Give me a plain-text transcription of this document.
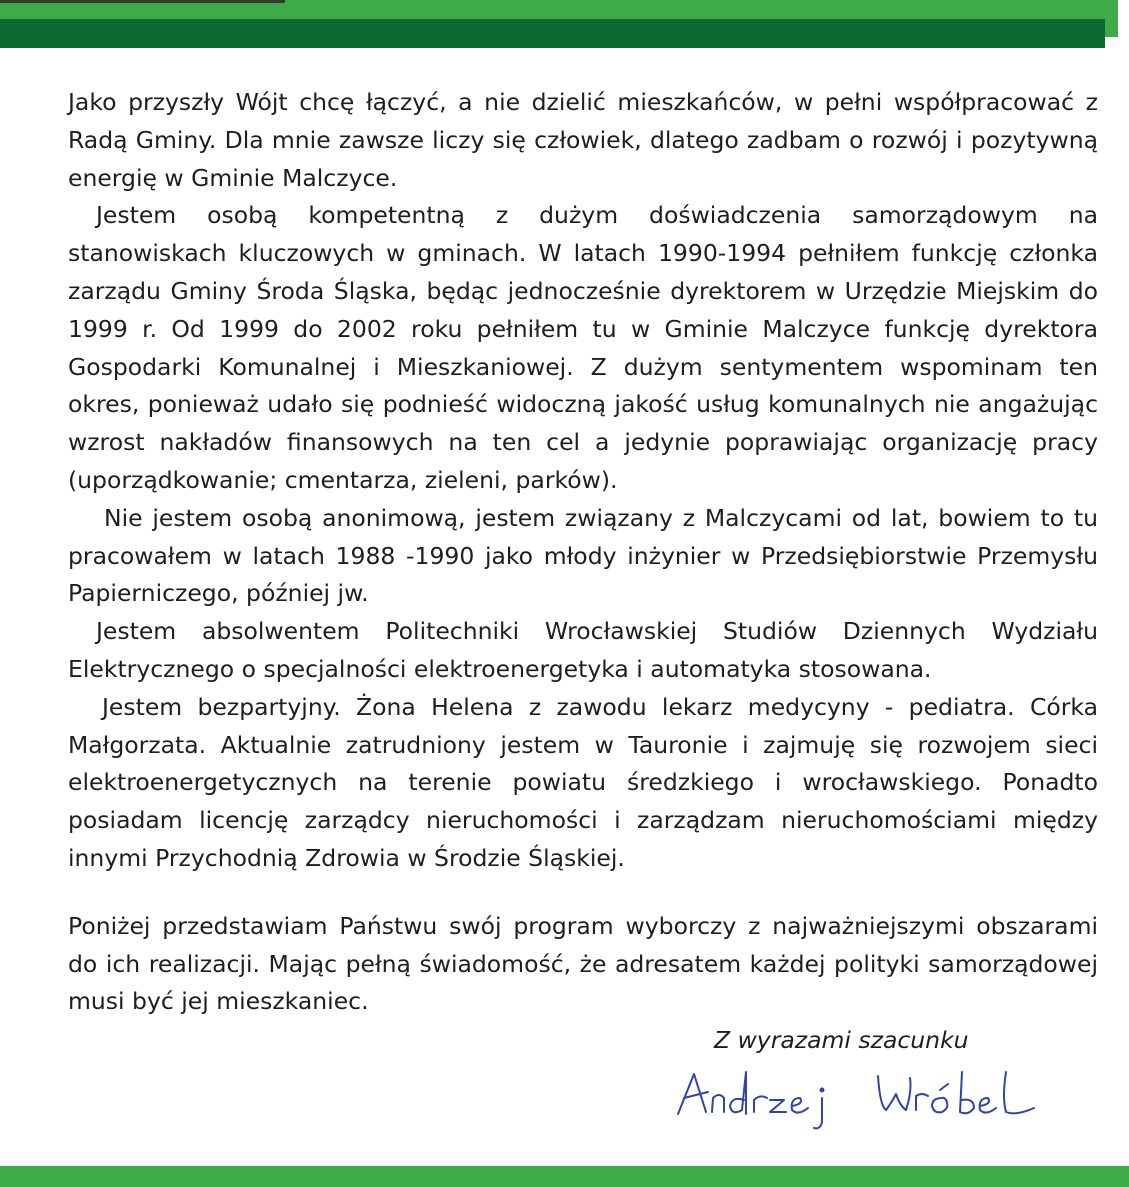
Jako przyszły Wójt chcę łączyć, a nie dzielić mieszkańców, w pełni współpracować z Radą Gminy. Dla mnie zawsze liczy się człowiek, dlatego zadbam o rozwój i pozytywną energię w Gminie Malczyce.

Jestem osobą kompetentną z dużym doświadczenia samorządowym na stanowiskach kluczowych w gminach. W latach 1990-1994 pełniłem funkcję członka zarządu Gminy Środa Śląska, będąc jednocześnie dyrektorem w Urzędzie Miejskim do 1999 r. Od 1999 do 2002 roku pełniłem tu w Gminie Malczyce funkcję dyrektora Gospodarki Komunalnej i Mieszkaniowej. Z dużym sentymentem wspominam ten okres, ponieważ udało się podnieść widoczną jakość usług komunalnych nie angażując wzrost nakładów finansowych na ten cel a jedynie poprawiając organizację pracy (uporządkowanie; cmentarza, zieleni, parków).

Nie jestem osobą anonimową, jestem związany z Malczycami od lat, bowiem to tu pracowałem w latach 1988 -1990 jako młody inżynier w Przedsiębiorstwie Przemysłu Papierniczego, później jw.

Jestem absolwentem Politechniki Wrocławskiej Studiów Dziennych Wydziału Elektrycznego o specjalności elektroenergetyka i automatyka stosowana.

Jestem bezpartyjny. Żona Helena z zawodu lekarz medycyny - pediatra. Córka Małgorzata. Aktualnie zatrudniony jestem w Tauronie i zajmuję się rozwojem sieci elektroenergetycznych na terenie powiatu średzkiego i wrocławskiego. Ponadto posiadam licencję zarządcy nieruchomości i zarządzam nieruchomościami między innymi Przychodnią Zdrowia w Środzie Śląskiej.

Poniżej przedstawiam Państwu swój program wyborczy z najważniejszymi obszarami do ich realizacji. Mając pełną świadomość, że adresatem każdej polityki samorządowej musi być jej mieszkaniec.

Z wyrazami szacunku
